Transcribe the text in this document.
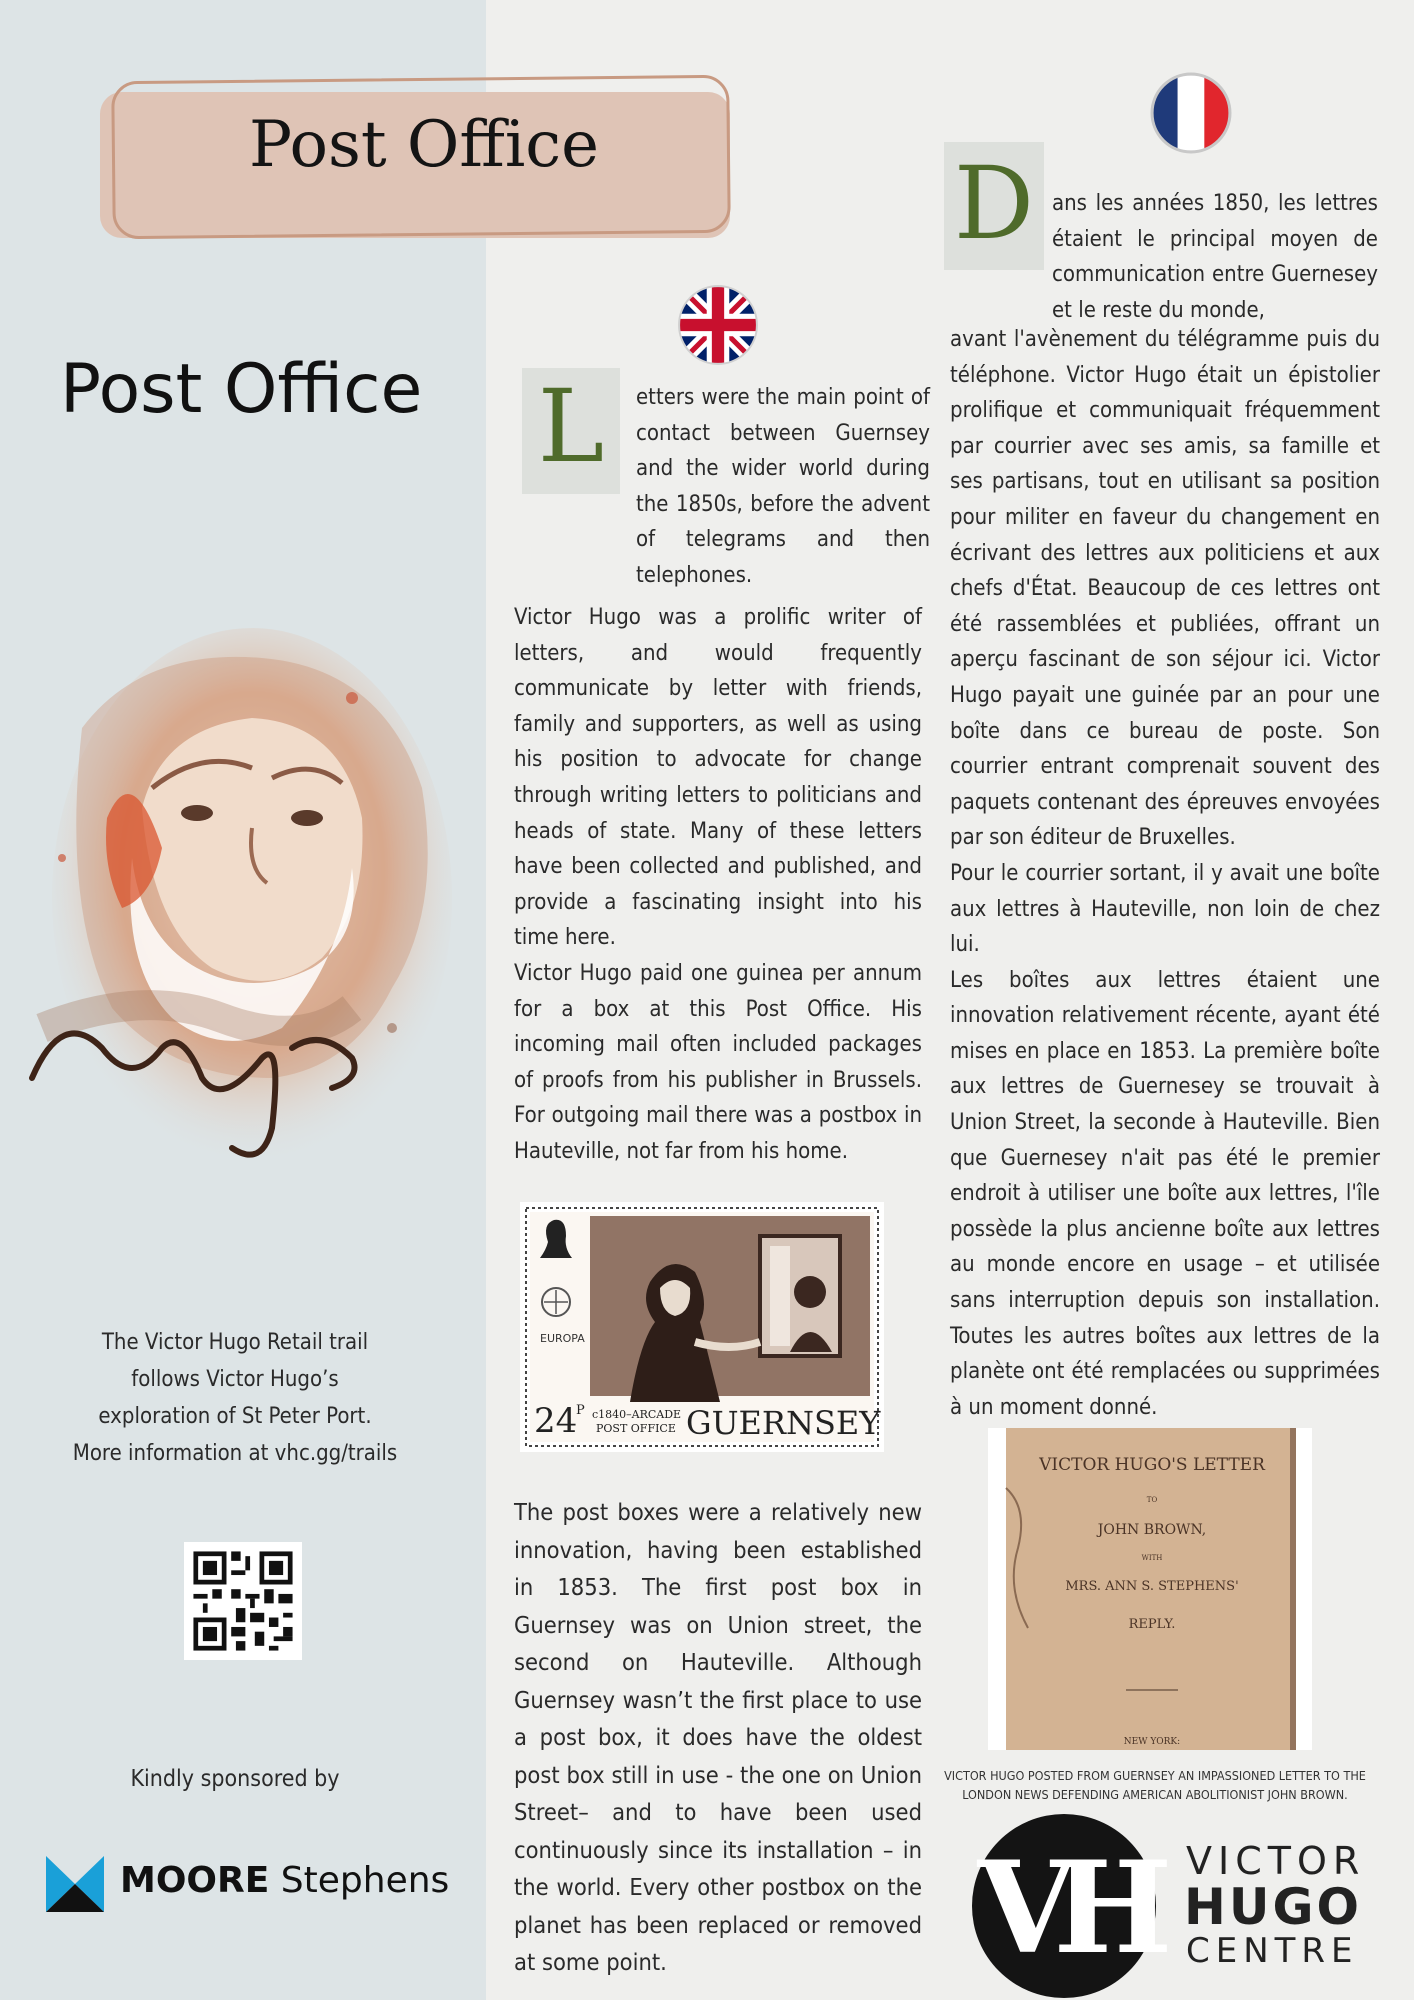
Post Office
Post Office
The Victor Hugo Retail trail
follows Victor Hugo’s
exploration of St Peter Port.
More information at vhc.gg/trails
Kindly sponsored by
MOORE Stephens
L	etters were the main point of contact between Guernsey and the wider world during the 1850s, before the advent of telegrams and then telephones.

Victor Hugo was a prolific writer of letters, and would frequently communicate by letter with friends, family and supporters, as well as using his position to advocate for change through writing letters to politicians and heads of state. Many of these letters have been collected and published, and provide a fascinating insight into his time here.

Victor Hugo paid one guinea per annum for a box at this Post Office. His incoming mail often included packages of proofs from his publisher in Brussels. For outgoing mail there was a postbox in Hauteville, not far from his home.

EUROPA
24
P c1840–ARCADE
POST OFFICE GUERNSEY
The post boxes were a relatively new innovation, having been established in 1853. The first post box in Guernsey was on Union street, the second on Hauteville. Although Guernsey wasn’t the first place to use a post box, it does have the oldest post box still in use - the one on Union Street– and to have been used continuously since its installation – in the world. Every other postbox on the planet has been replaced or removed at some point.
D ans les années 1850, les lettres étaient le principal moyen de communication entre Guernesey et le reste du monde,

avant l'avènement du télégramme puis du téléphone. Victor Hugo était un épistolier prolifique et communiquait fréquemment par courrier avec ses amis, sa famille et ses partisans, tout en utilisant sa position pour militer en faveur du changement en écrivant des lettres aux politiciens et aux chefs d'État. Beaucoup de ces lettres ont été rassemblées et publiées, offrant un aperçu fascinant de son séjour ici. Victor Hugo payait une guinée par an pour une boîte dans ce bureau de poste. Son courrier entrant comprenait souvent des paquets contenant des épreuves envoyées par son éditeur de Bruxelles.

Pour le courrier sortant, il y avait une boîte aux lettres à Hauteville, non loin de chez lui.

Les boîtes aux lettres étaient une innovation relativement récente, ayant été mises en place en 1853. La première boîte aux lettres de Guernesey se trouvait à Union Street, la seconde à Hauteville. Bien que Guernesey n'ait pas été le premier endroit à utiliser une boîte aux lettres, l'île possède la plus ancienne boîte aux lettres au monde encore en usage – et utilisée sans interruption depuis son installation. Toutes les autres boîtes aux lettres de la planète ont été remplacées ou supprimées à un moment donné.

VICTOR HUGO'S LETTER
TO
JOHN BROWN,
WITH
MRS. ANN S. STEPHENS'
REPLY.
NEW YORK:
VICTOR HUGO POSTED FROM GUERNSEY AN IMPASSIONED LETTER TO THE LONDON NEWS DEFENDING AMERICAN ABOLITIONIST JOHN BROWN.
VH VICTOR
HUGO
CENTRE
